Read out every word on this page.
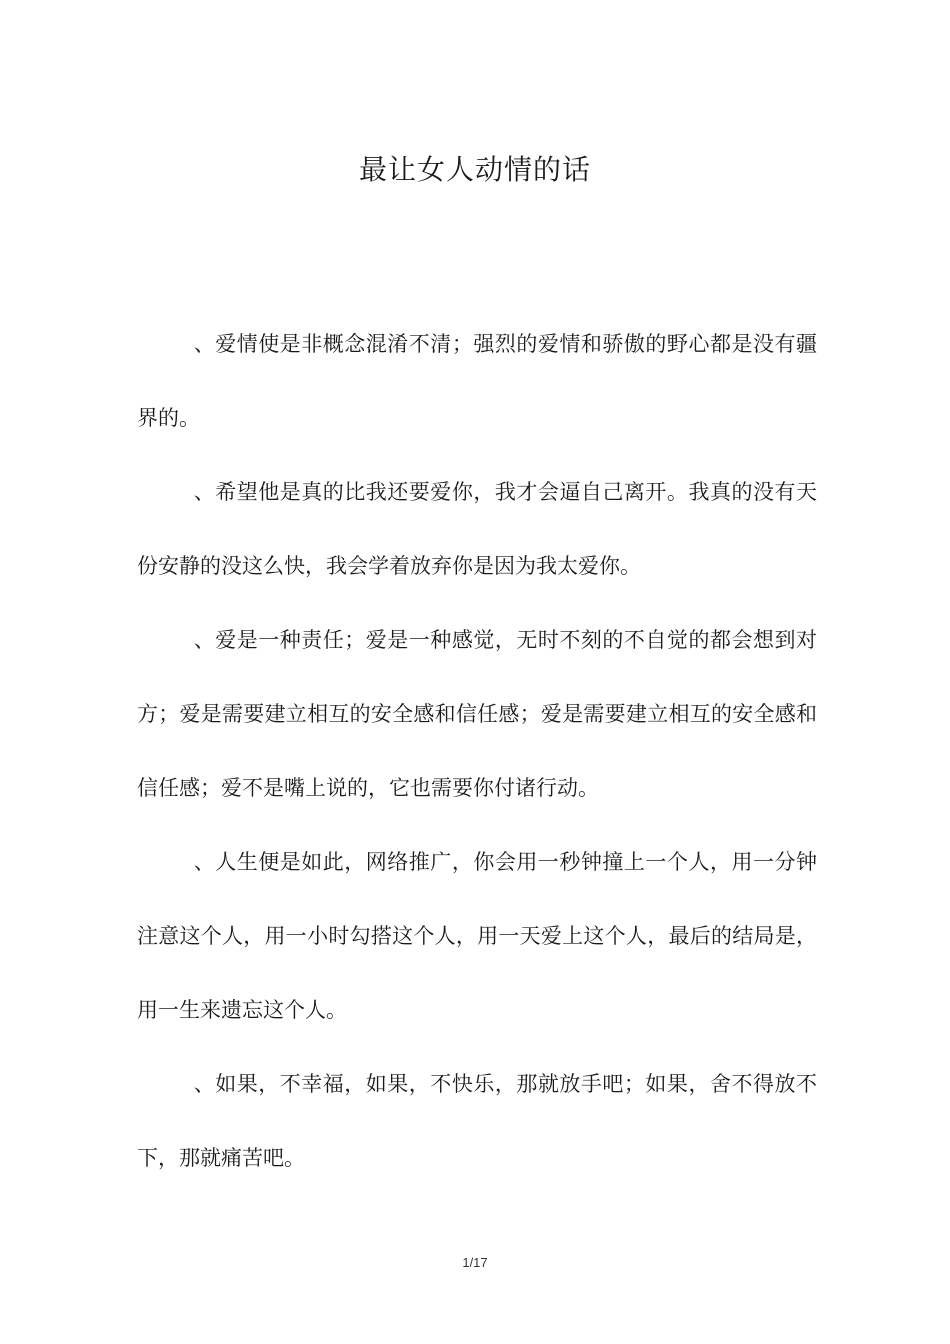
最让女人动情的话

、爱情使是非概念混淆不清；强烈的爱情和骄傲的野心都是没有疆界的。

、希望他是真的比我还要爱你，我才会逼自己离开。我真的没有天份安静的没这么快，我会学着放弃你是因为我太爱你。

、爱是一种责任；爱是一种感觉，无时不刻的不自觉的都会想到对方；爱是需要建立相互的安全感和信任感；爱是需要建立相互的安全感和信任感；爱不是嘴上说的，它也需要你付诸行动。

、人生便是如此，网络推广，你会用一秒钟撞上一个人，用一分钟注意这个人，用一小时勾搭这个人，用一天爱上这个人，最后的结局是，用一生来遗忘这个人。

、如果，不幸福，如果，不快乐，那就放手吧；如果，舍不得放不下，那就痛苦吧。

1/17
